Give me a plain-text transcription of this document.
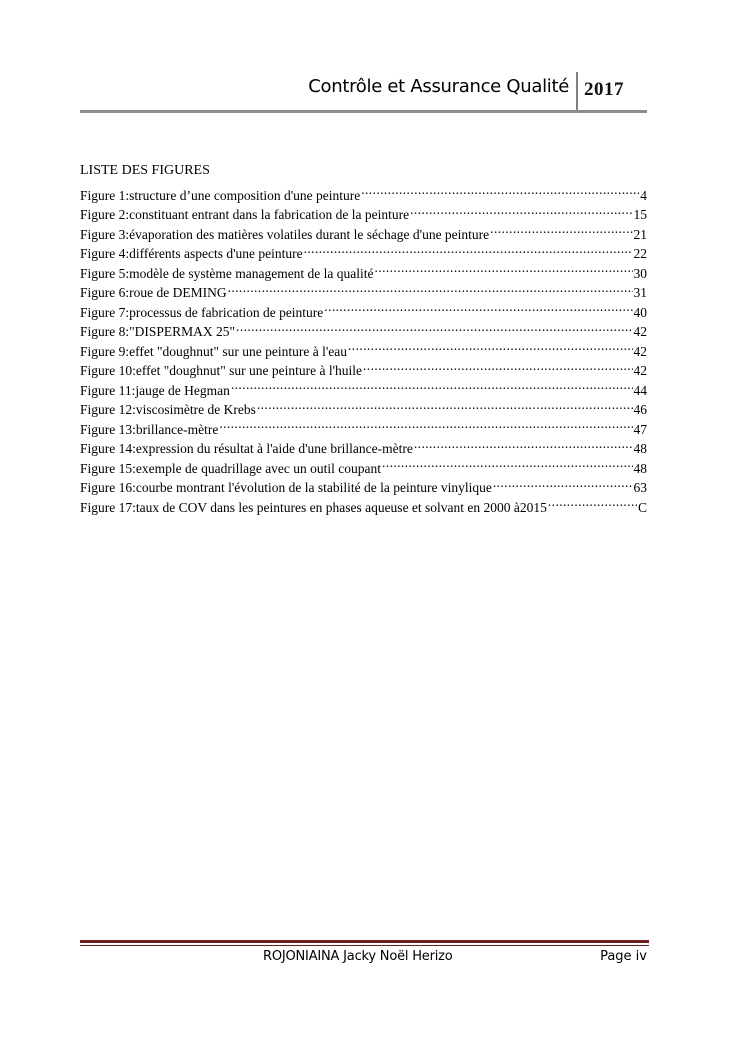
Contrôle et Assurance Qualité 2017
LISTE DES FIGURES
Figure 1:structure d’une composition d'une peinture .....	4
Figure 2:constituant entrant dans la fabrication de la peinture .....	15
Figure 3:évaporation des matières volatiles durant le séchage d'une peinture .....	21
Figure 4:différents aspects d'une peinture .....	22
Figure 5:modèle de système management de la qualité .....	30
Figure 6:roue de DEMING .....	31
Figure 7:processus de fabrication de peinture .....	40
Figure 8:"DISPERMAX 25" .....	42
Figure 9:effet "doughnut" sur une peinture à l'eau .....	42
Figure 10:effet "doughnut" sur une peinture à l'huile .....	42
Figure 11:jauge de Hegman .....	44
Figure 12:viscosimètre de Krebs .....	46
Figure 13:brillance-mètre .....	47
Figure 14:expression du résultat à l'aide d'une brillance-mètre .....	48
Figure 15:exemple de quadrillage avec un outil coupant .....	48
Figure 16:courbe montrant l'évolution de la stabilité de la peinture vinylique .....	63
Figure 17:taux de COV dans les peintures en phases aqueuse et solvant en 2000 à2015 .....	C
ROJONIAINA Jacky Noël Herizo	Page iv
